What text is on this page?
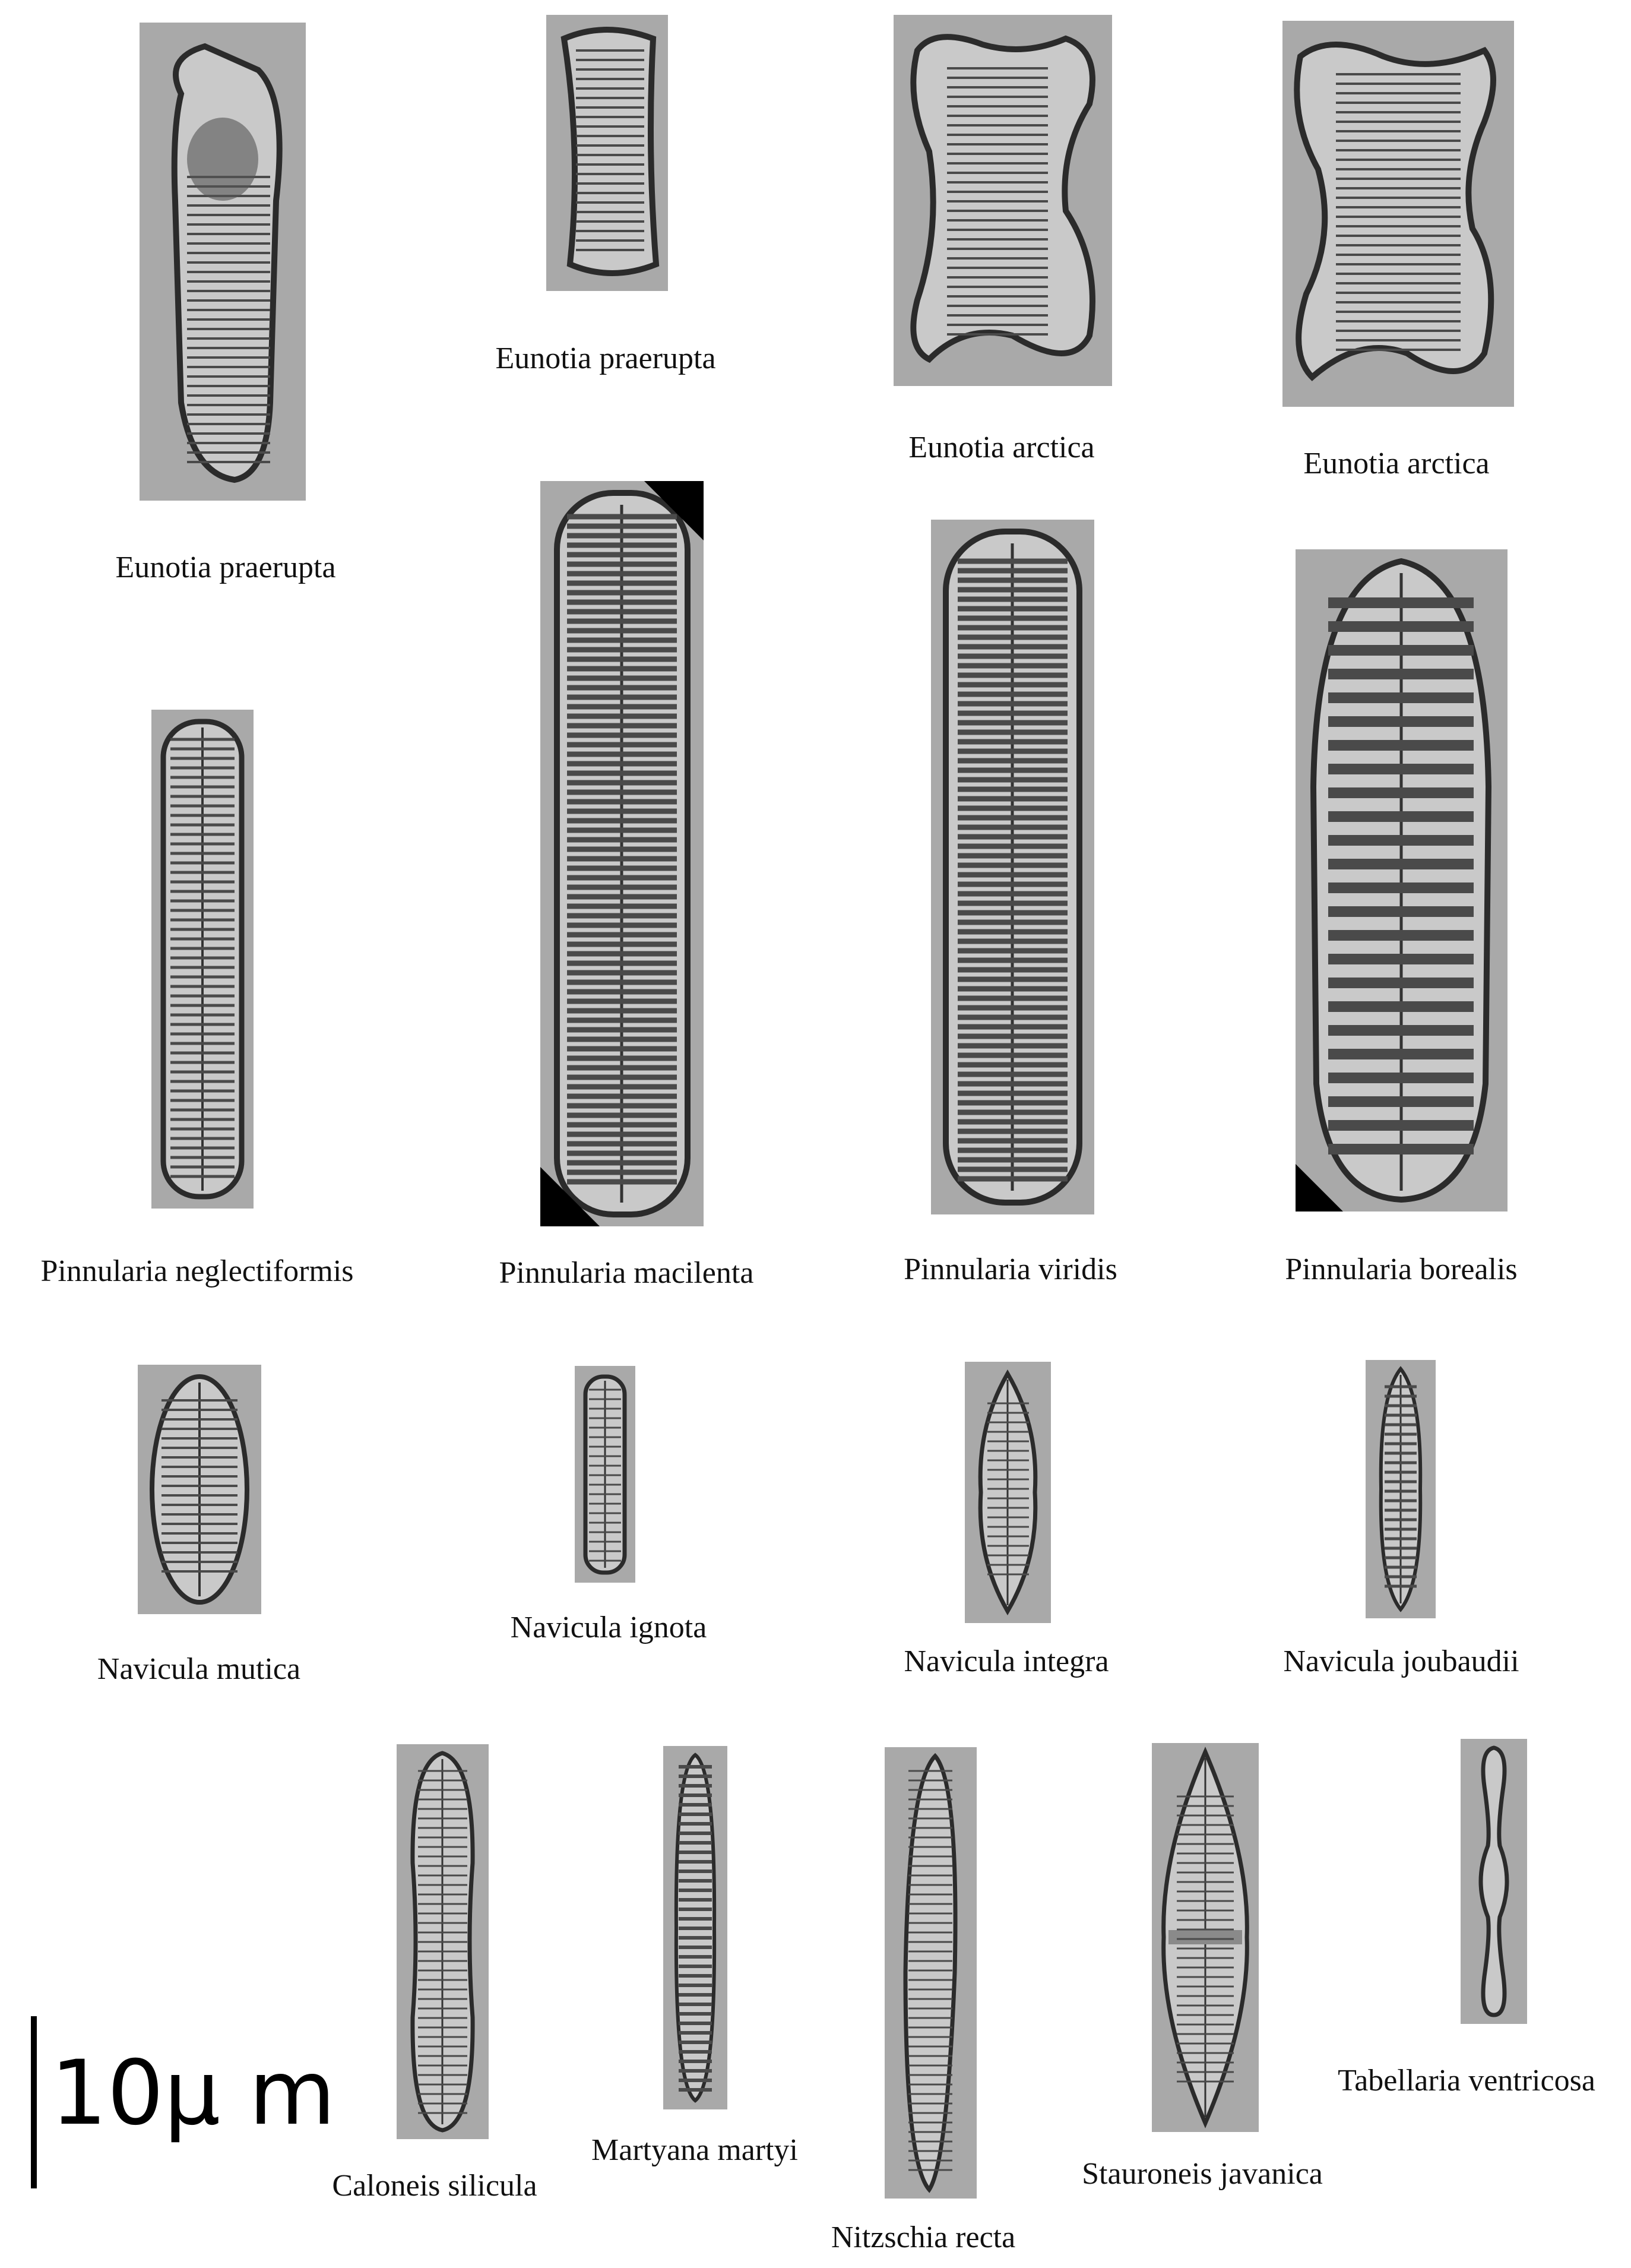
Eunotia praerupta
Eunotia praerupta
Eunotia arctica	Eunotia arctica
Pinnularia neglectiformis	Pinnularia macilenta	Pinnularia viridis	Pinnularia borealis
Navicula mutica
Navicula ignota
Navicula integra	Navicula joubaudii
Caloneis silicula
Martyana martyi
Nitzschia recta
Stauroneis javanica
Tabellaria ventricosa
10μ m
